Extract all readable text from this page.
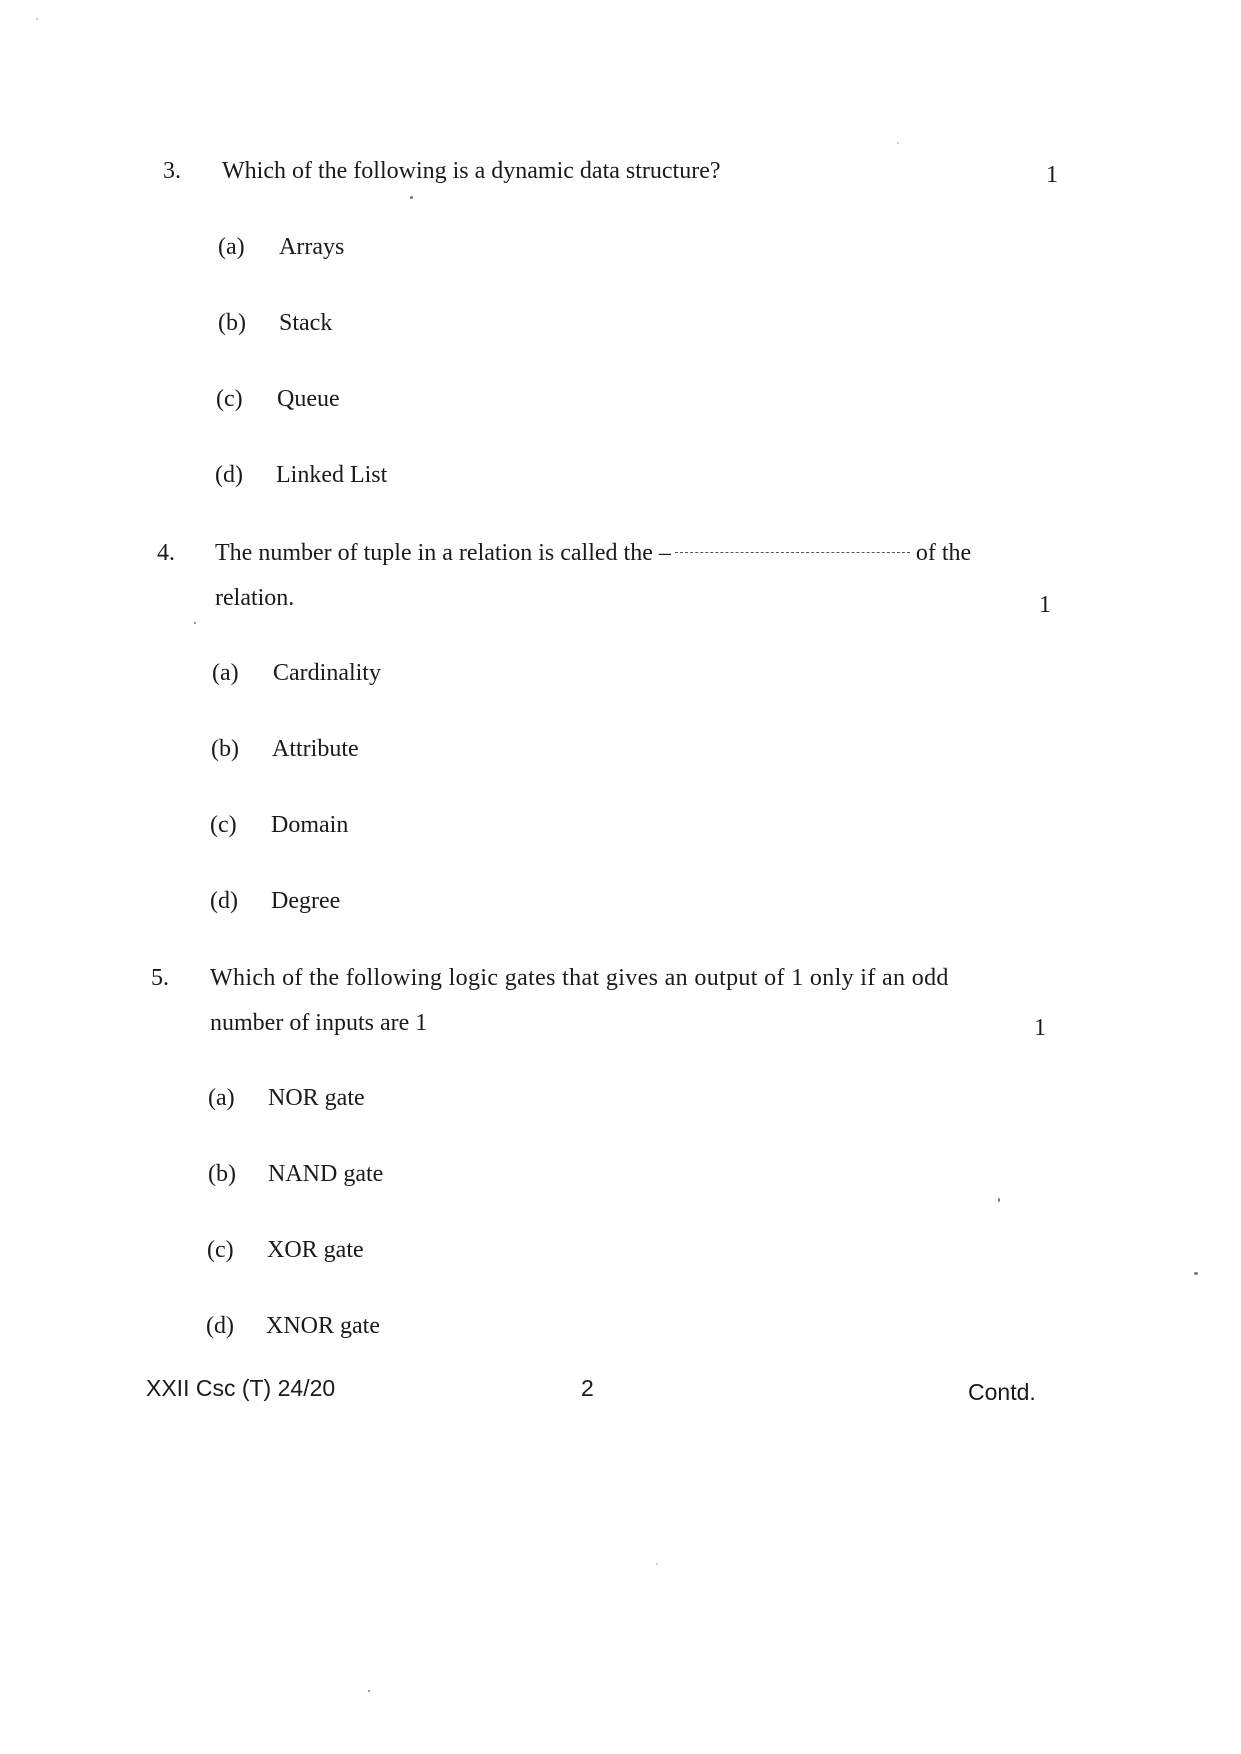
3. Which of the following is a dynamic data structure?	1
(a) Arrays
(b) Stack
(c) Queue
(d) Linked List
4. The number of tuple in a relation is called the –	of the
relation.	1
(a) Cardinality
(b) Attribute
(c) Domain
(d) Degree
5. Which of the following logic gates that gives an output of 1 only if an odd
number of inputs are 1	1
(a) NOR gate
(b) NAND gate
(c) XOR gate
(d) XNOR gate
XXII Csc (T) 24/20	2	Contd.
